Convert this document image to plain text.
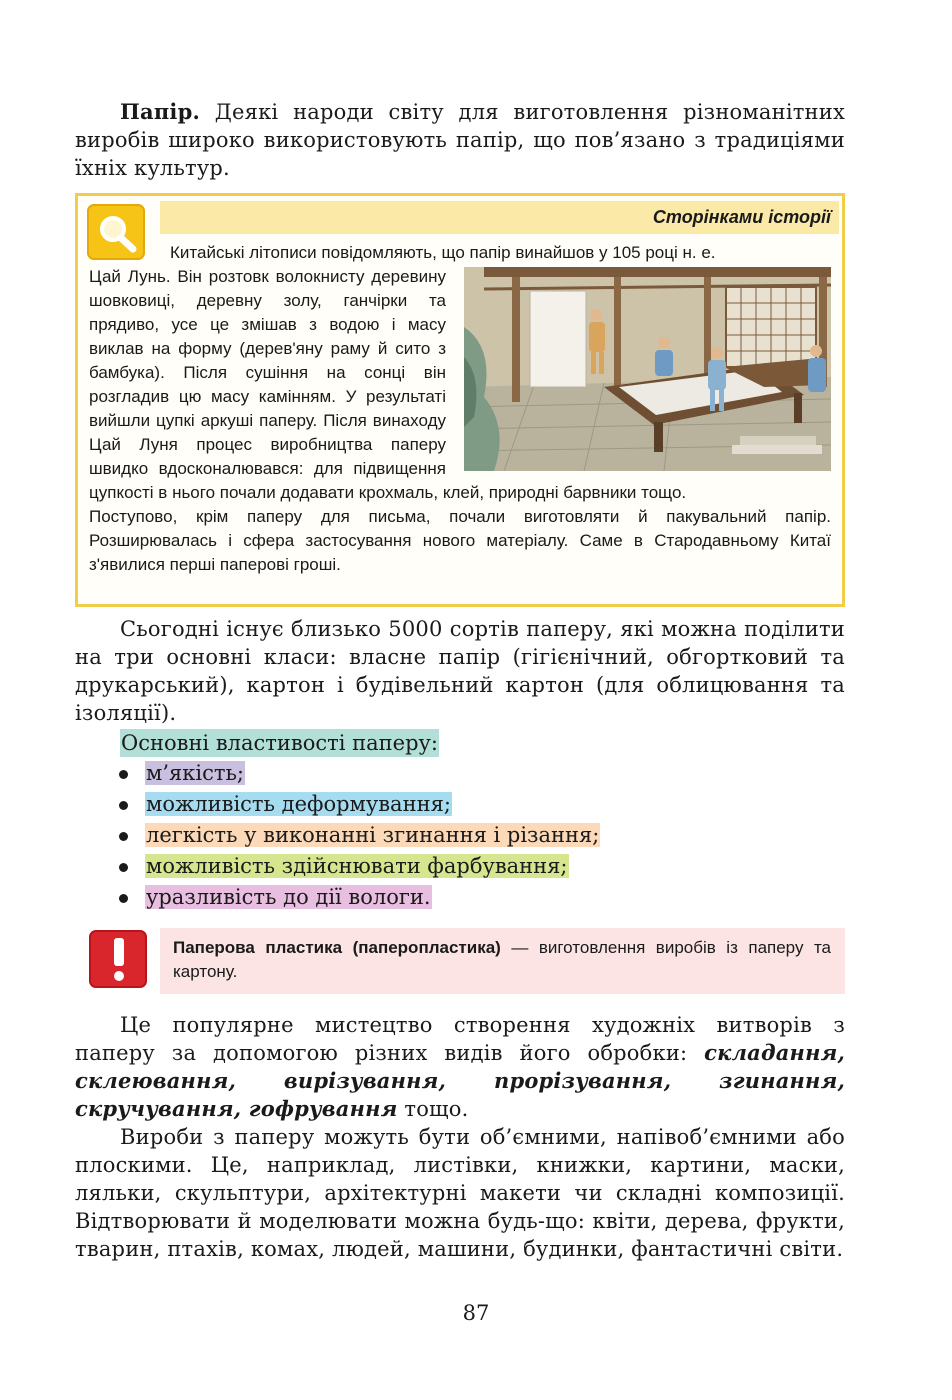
Папір. Деякі народи світу для виготовлення різноманітних виробів широко використовують папір, що пов’язано з традиціями їхніх культур.

Сторінками історії
Китайські літописи повідомляють, що папір винайшов у 105 році н. е.

Цай Лунь. Він розтовк волокнисту деревину шовковиці, деревну золу, ганчірки та прядиво, усе це змішав з водою і масу виклав на форму (дерев'яну раму й сито з бамбука). Після сушіння на сонці він розгладив цю масу камінням. У результаті вийшли цупкі аркуші паперу. Після винаходу Цай Луня процес виробництва паперу швидко вдосконалювався: для підвищення цупкості в нього почали додавати крохмаль, клей, природні барвники тощо.

Поступово, крім паперу для письма, почали виготовляти й пакувальний папір. Розширювалась і сфера застосування нового матеріалу. Саме в Стародавньому Китаї з'явилися перші паперові гроші.

Сьогодні існує близько 5000 сортів паперу, які можна поділити на три основні класи: власне папір (гігієнічний, обгортковий та друкарський), картон і будівельний картон (для облицювання та ізоляції).

Основні властивості паперу:
м’якість;
можливість деформування;
легкість у виконанні згинання і різання;
можливість здійснювати фарбування;
уразливість до дії вологи.
Паперова пластика (паперопластика) — виготовлення виробів із паперу та картону.

Це популярне мистецтво створення художніх витворів з паперу за допомогою різних видів його обробки: складання, склеювання, вирізування, прорізування, згинання, скручування, гофрування тощо.

Вироби з паперу можуть бути об’ємними, напівоб’ємними або плоскими. Це, наприклад, листівки, книжки, картини, маски, ляльки, скульптури, архітектурні макети чи складні композиції. Відтворювати й моделювати можна будь-що: квіти, дерева, фрукти, тварин, птахів, комах, людей, машини, будинки, фантастичні світи.

87
